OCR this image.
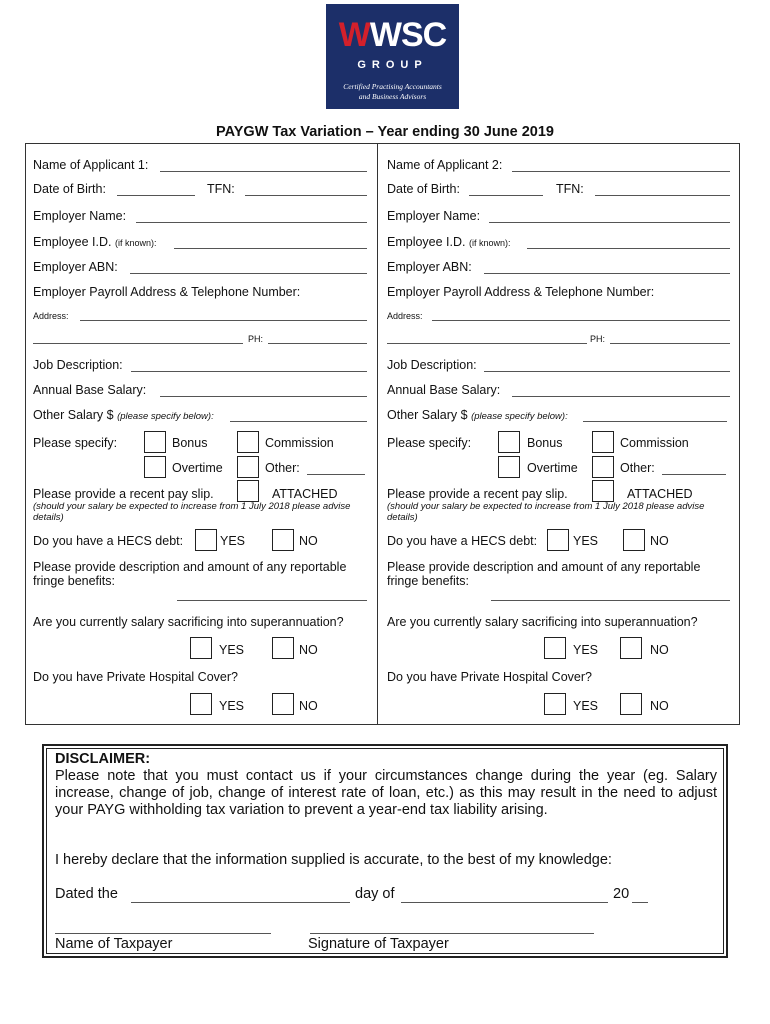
WWSC
GROUP
Certified Practising Accountants
and Business Advisors
PAYGW Tax Variation – Year ending 30 June 2019
Name of Applicant 1:
Date of Birth:	TFN:
Employer Name:
Employee I.D. (if known):
Employer ABN:
Employer Payroll Address & Telephone Number:
Address:
PH:
Job Description:
Annual Base Salary:
Other Salary $ (please specify below):
Please specify:	Bonus	Commission
Overtime	Other:
Please provide a recent pay slip.	ATTACHED
(should your salary be expected to increase from 1 July 2018 please advise details)
Do you have a HECS debt:	YES	NO
Please provide description and amount of any reportable fringe benefits:
Are you currently salary sacrificing into superannuation?
YES	NO
Do you have Private Hospital Cover?
YES	NO
Name of Applicant 2:
Date of Birth:	TFN:
Employer Name:
Employee I.D. (if known):
Employer ABN:
Employer Payroll Address & Telephone Number:
Address:
PH:
Job Description:
Annual Base Salary:
Other Salary $ (please specify below):
Please specify:	Bonus	Commission
Overtime	Other:
Please provide a recent pay slip.	ATTACHED
(should your salary be expected to increase from 1 July 2018 please advise details)
Do you have a HECS debt:	YES	NO
Please provide description and amount of any reportable fringe benefits:
Are you currently salary sacrificing into superannuation?
YES	NO
Do you have Private Hospital Cover?
YES	NO
DISCLAIMER:
Please note that you must contact us if your circumstances change during the year (eg. Salary increase, change of job, change of interest rate of loan, etc.) as this may result in the need to adjust your PAYG withholding tax variation to prevent a year-end tax liability arising.
I hereby declare that the information supplied is accurate, to the best of my knowledge:
Dated the	day of	20
Name of Taxpayer	Signature of Taxpayer
